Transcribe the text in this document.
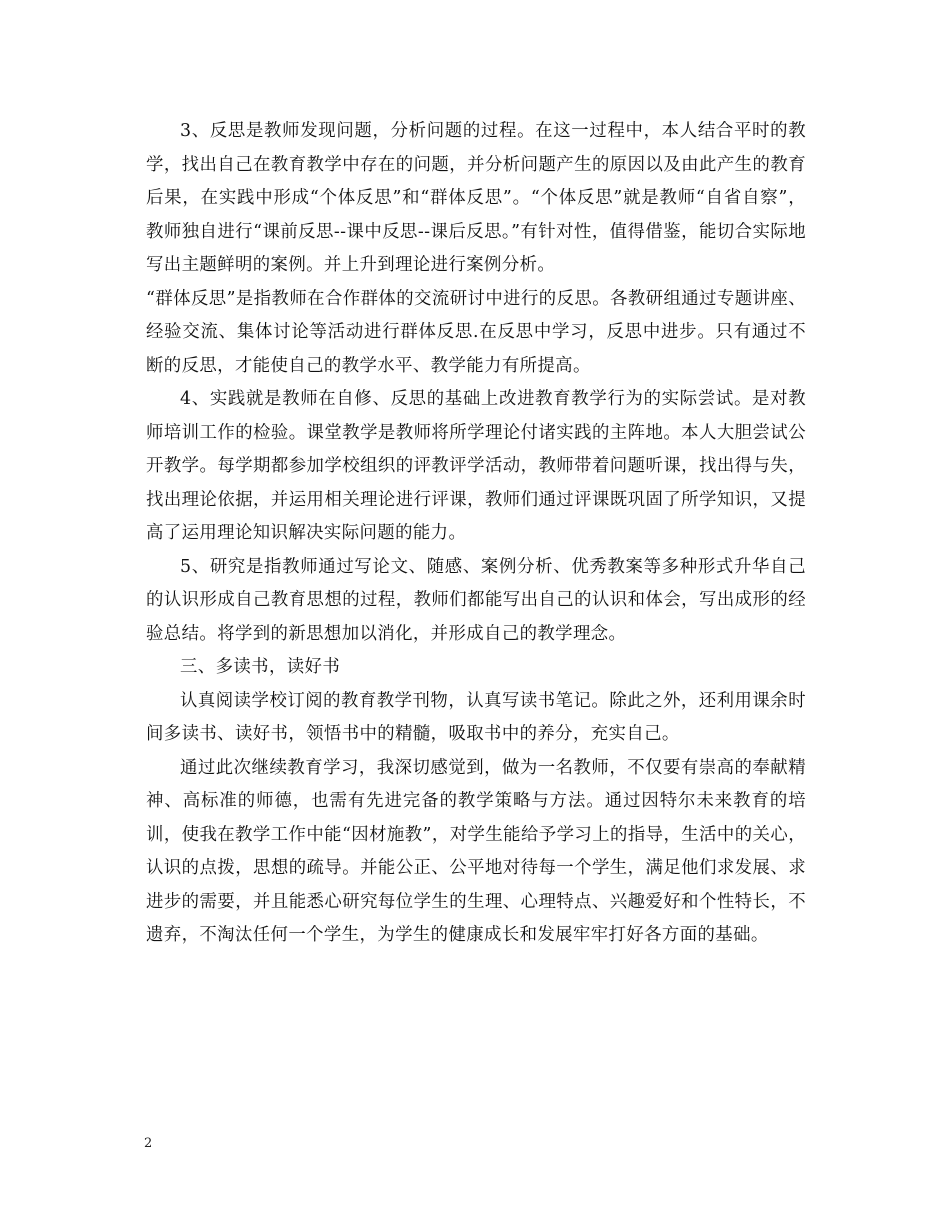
3、反思是教师发现问题，分析问题的过程。在这一过程中，本人结合平时的教学，找出自己在教育教学中存在的问题，并分析问题产生的原因以及由此产生的教育后果，在实践中形成“个体反思”和“群体反思”。“个体反思”就是教师“自省自察”，教师独自进行“课前反思--课中反思--课后反思。”有针对性，值得借鉴，能切合实际地写出主题鲜明的案例。并上升到理论进行案例分析。

“群体反思”是指教师在合作群体的交流研讨中进行的反思。各教研组通过专题讲座、经验交流、集体讨论等活动进行群体反思.在反思中学习，反思中进步。只有通过不断的反思，才能使自己的教学水平、教学能力有所提高。

4、实践就是教师在自修、反思的基础上改进教育教学行为的实际尝试。是对教师培训工作的检验。课堂教学是教师将所学理论付诸实践的主阵地。本人大胆尝试公开教学。每学期都参加学校组织的评教评学活动，教师带着问题听课，找出得与失，找出理论依据，并运用相关理论进行评课，教师们通过评课既巩固了所学知识，又提高了运用理论知识解决实际问题的能力。

5、研究是指教师通过写论文、随感、案例分析、优秀教案等多种形式升华自己的认识形成自己教育思想的过程，教师们都能写出自己的认识和体会，写出成形的经验总结。将学到的新思想加以消化，并形成自己的教学理念。

三、多读书，读好书

认真阅读学校订阅的教育教学刊物，认真写读书笔记。除此之外，还利用课余时间多读书、读好书，领悟书中的精髓，吸取书中的养分，充实自己。

通过此次继续教育学习，我深切感觉到，做为一名教师，不仅要有崇高的奉献精神、高标准的师德，也需有先进完备的教学策略与方法。通过因特尔未来教育的培训，使我在教学工作中能“因材施教”，对学生能给予学习上的指导，生活中的关心，认识的点拨，思想的疏导。并能公正、公平地对待每一个学生，满足他们求发展、求进步的需要，并且能悉心研究每位学生的生理、心理特点、兴趣爱好和个性特长，不遗弃，不淘汰任何一个学生，为学生的健康成长和发展牢牢打好各方面的基础。

2
